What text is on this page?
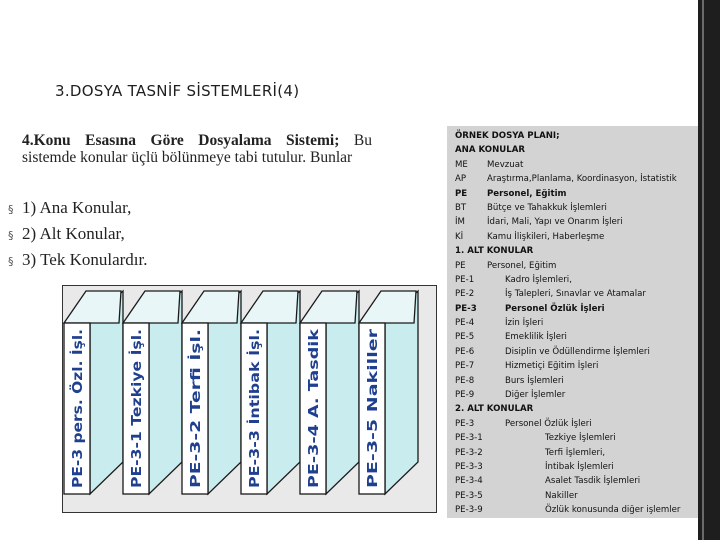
3.DOSYA TASNİF SİSTEMLERİ(4)
4.Konu Esasına Göre Dosyalama Sistemi; Bu sistemde konular üçlü bölünmeye tabi tutulur. Bunlar
§ 1) Ana Konular,
§ 2) Alt Konular,
§ 3) Tek Konulardır.
PE-3 pers. Özl. İşl.	PE-3-1 Tezkiye İşl.	PE-3-2 Terfi İşl.	PE-3-3 İntibak İşl.	PE-3-4 A. Tasdik	PE-3-5 Nakiller
ÖRNEK DOSYA PLANI;
ANA KONULAR
ME Mevzuat
AP Araştırma,Planlama, Koordinasyon, İstatistik
PE Personel, Eğitim
BT Bütçe ve Tahakkuk İşlemleri
İM	İdari, Mali, Yapı ve Onarım İşleri
Kİ	Kamu İlişkileri, Haberleşme
1. ALT KONULAR
PE Personel, Eğitim
PE-1	Kadro İşlemleri,
PE-2	İş Talepleri, Sınavlar ve Atamalar
PE-3	Personel Özlük İşleri
PE-4	İzin İşleri
PE-5	Emeklilik İşleri
PE-6	Disiplin ve Ödüllendirme İşlemleri
PE-7	Hizmetiçi Eğitim İşleri
PE-8	Burs İşlemleri
PE-9	Diğer İşlemler
2. ALT KONULAR
PE-3	Personel Özlük İşleri
PE-3-1	Tezkiye İşlemleri
PE-3-2	Terfi İşlemleri,
PE-3-3	İntibak İşlemleri
PE-3-4	Asalet Tasdik İşlemleri
PE-3-5	Nakiller
PE-3-9	Özlük konusunda diğer işlemler
